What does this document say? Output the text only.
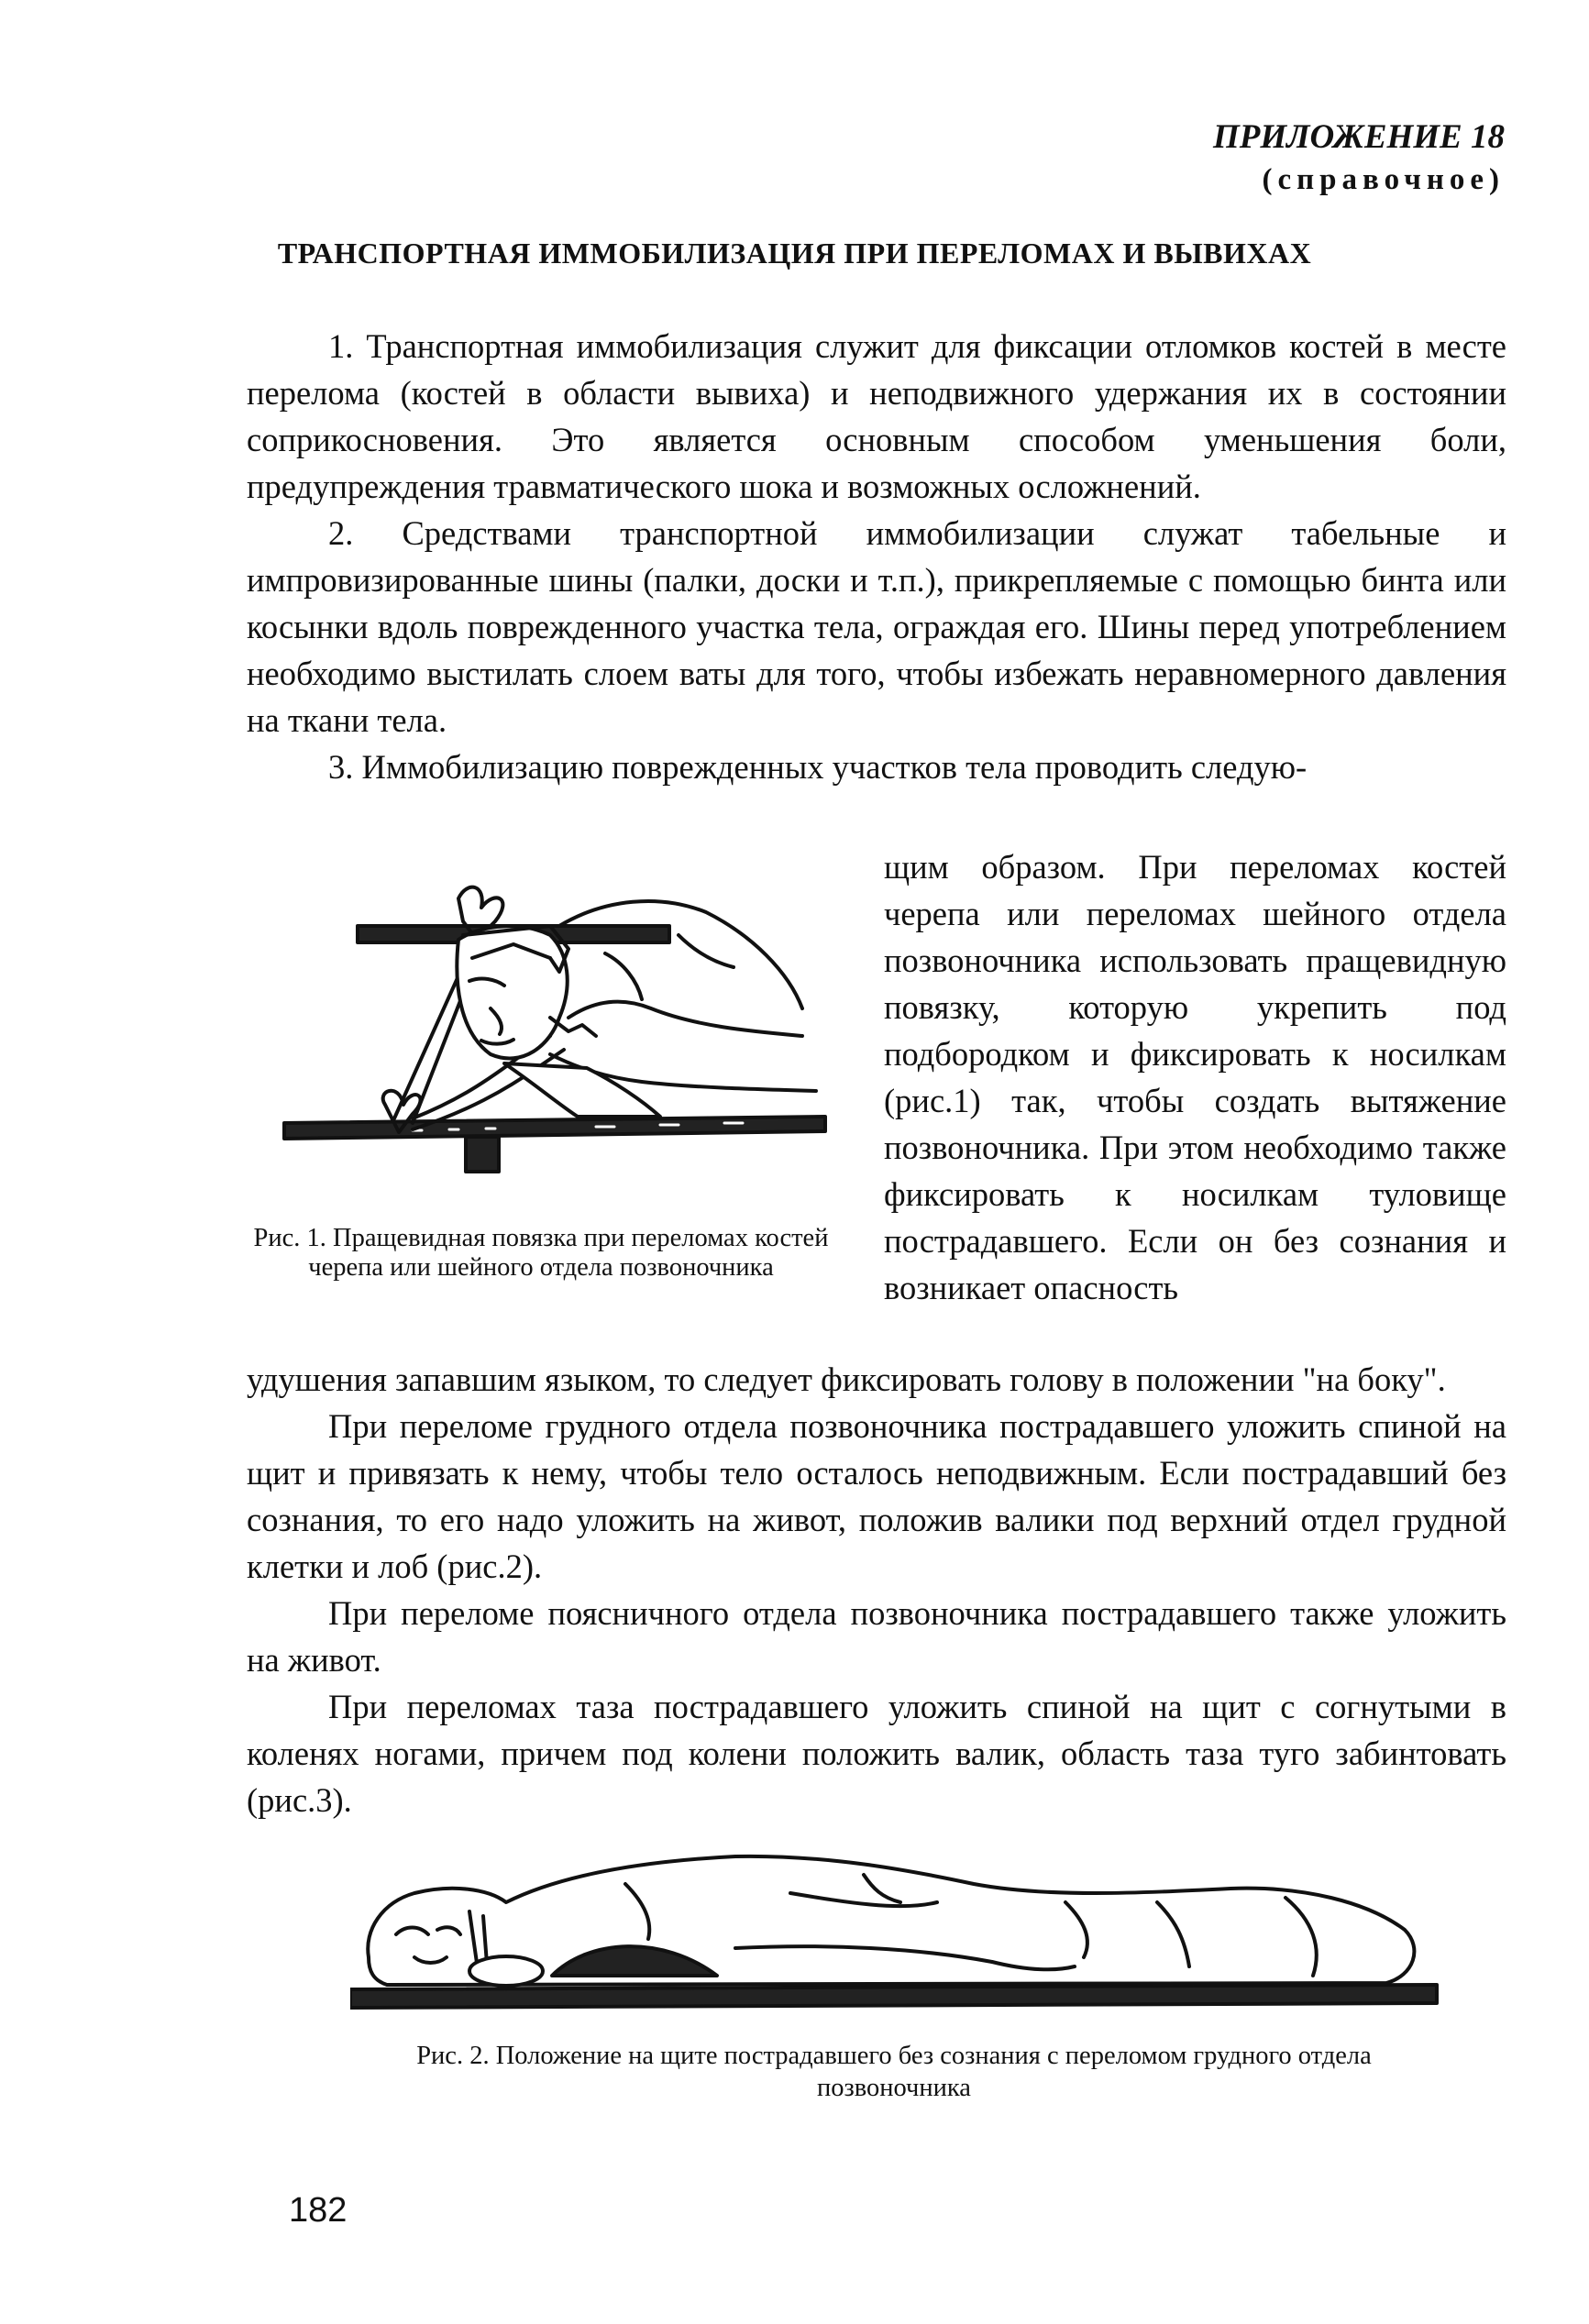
ПРИЛОЖЕНИЕ 18
(справочное)
ТРАНСПОРТНАЯ ИММОБИЛИЗАЦИЯ ПРИ ПЕРЕЛОМАХ И ВЫВИХАХ

1. Транспортная иммобилизация служит для фиксации отломков костей в месте перелома (костей в области вывиха) и неподвижного удержания их в состоянии соприкосновения. Это является основным способом уменьшения боли, предупреждения травматического шока и возможных осложнений.

2. Средствами транспортной иммобилизации служат табельные и импровизированные шины (палки, доски и т.п.), прикрепляемые с помощью бинта или косынки вдоль поврежденного участка тела, ограждая его. Шины перед употреблением необходимо выстилать слоем ваты для того, чтобы избежать неравномерного давления на ткани тела.

3. Иммобилизацию поврежденных участков тела проводить следую-

Рис. 1. Пращевидная повязка при переломах костей черепа или шейного отдела позвоночника

щим образом. При переломах костей черепа или переломах шейного отдела позвоночника использовать пращевидную повязку, которую укрепить под подбородком и фиксировать к носилкам (рис.1) так, чтобы создать вытяжение позвоночника. При этом необходимо также фиксировать к носилкам туловище пострадавшего. Если он без сознания и возникает опасность

удушения запавшим языком, то следует фиксировать голову в положении "на боку".

При переломе грудного отдела позвоночника пострадавшего уложить спиной на щит и привязать к нему, чтобы тело осталось неподвижным. Если пострадавший без сознания, то его надо уложить на живот, положив валики под верхний отдел грудной клетки и лоб (рис.2).

При переломе поясничного отдела позвоночника пострадавшего также уложить на живот.

При переломах таза пострадавшего уложить спиной на щит с согнутыми в коленях ногами, причем под колени положить валик, область таза туго забинтовать (рис.3).

Рис. 2. Положение на щите пострадавшего без сознания с переломом грудного отдела позвоночника
182
